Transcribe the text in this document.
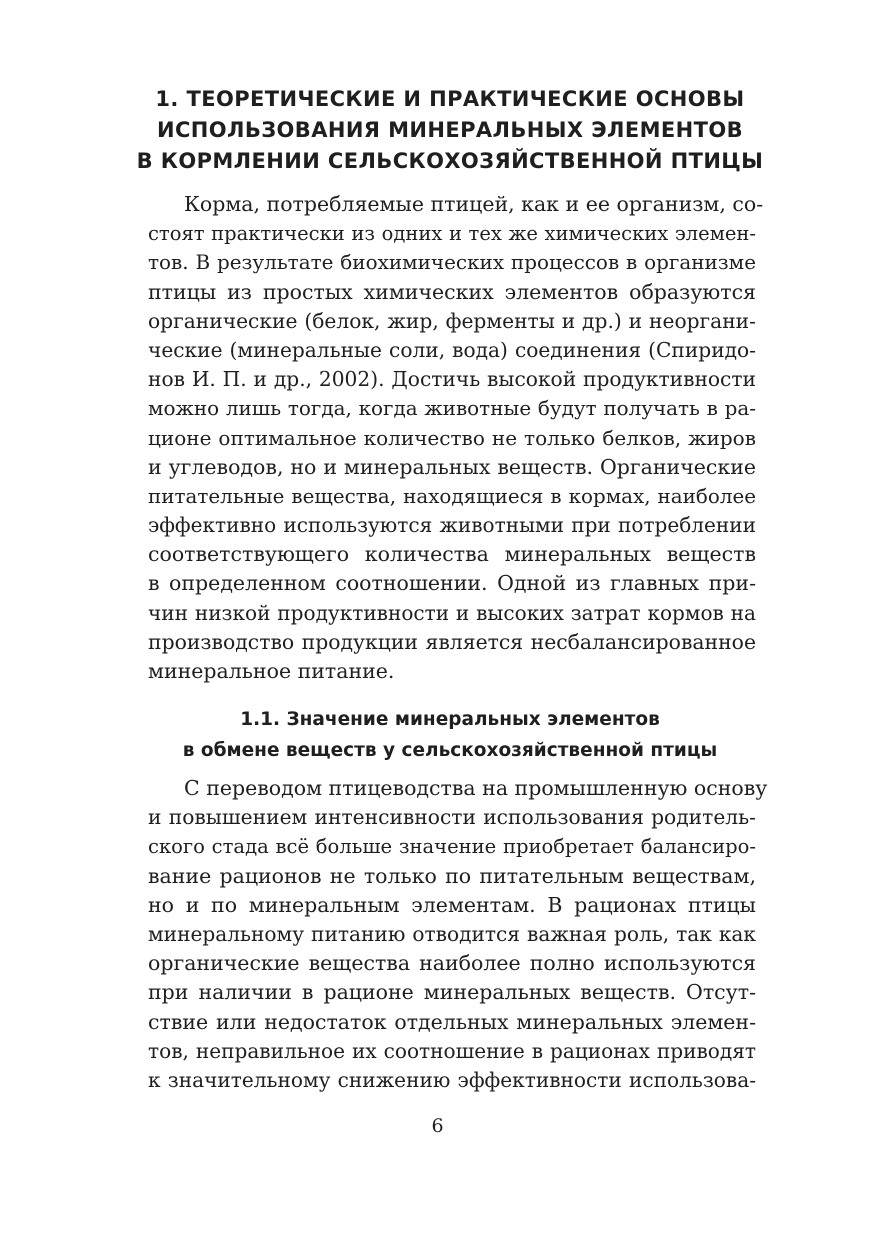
1. ТЕОРЕТИЧЕСКИЕ И ПРАКТИЧЕСКИЕ ОСНОВЫ
ИСПОЛЬЗОВАНИЯ МИНЕРАЛЬНЫХ ЭЛЕМЕНТОВ
В КОРМЛЕНИИ СЕЛЬСКОХОЗЯЙСТВЕННОЙ ПТИЦЫ
Корма, потребляемые птицей, как и ее организм, со-
стоят практически из одних и тех же химических элемен-
тов. В результате биохимических процессов в организме
птицы из простых химических элементов образуются
органические (белок, жир, ферменты и др.) и неоргани-
ческие (минеральные соли, вода) соединения (Спиридо-
нов И. П. и др., 2002). Достичь высокой продуктивности
можно лишь тогда, когда животные будут получать в ра-
ционе оптимальное количество не только белков, жиров
и углеводов, но и минеральных веществ. Органические
питательные вещества, находящиеся в кормах, наиболее
эффективно используются животными при потреблении
соответствующего количества минеральных веществ
в определенном соотношении. Одной из главных при-
чин низкой продуктивности и высоких затрат кормов на
производство продукции является несбалансированное
минеральное питание.
1.1. Значение минеральных элементов
в обмене веществ у сельскохозяйственной птицы
С переводом птицеводства на промышленную основу
и повышением интенсивности использования родитель-
ского стада всё больше значение приобретает балансиро-
вание рационов не только по питательным веществам,
но и по минеральным элементам. В рационах птицы
минеральному питанию отводится важная роль, так как
органические вещества наиболее полно используются
при наличии в рационе минеральных веществ. Отсут-
ствие или недостаток отдельных минеральных элемен-
тов, неправильное их соотношение в рационах приводят
к значительному снижению эффективности использова-
6
